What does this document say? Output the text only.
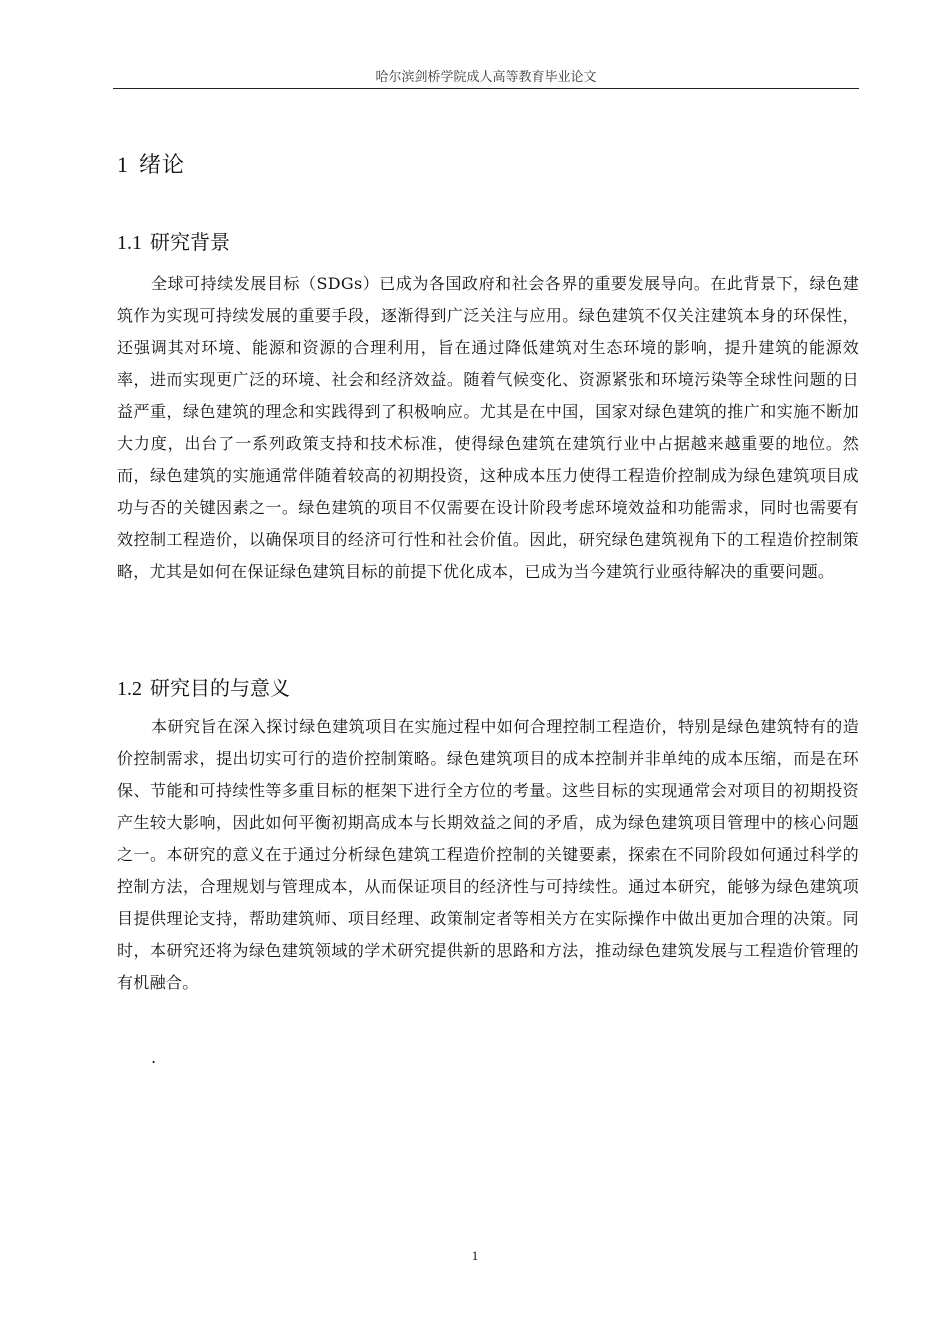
哈尔滨剑桥学院成人高等教育毕业论文
1 绪论
1.1 研究背景

全球可持续发展目标（SDGs）已成为各国政府和社会各界的重要发展导向。在此背景下，绿色建筑作为实现可持续发展的重要手段，逐渐得到广泛关注与应用。绿色建筑不仅关注建筑本身的环保性，还强调其对环境、能源和资源的合理利用，旨在通过降低建筑对生态环境的影响，提升建筑的能源效率，进而实现更广泛的环境、社会和经济效益。随着气候变化、资源紧张和环境污染等全球性问题的日益严重，绿色建筑的理念和实践得到了积极响应。尤其是在中国，国家对绿色建筑的推广和实施不断加大力度，出台了一系列政策支持和技术标准，使得绿色建筑在建筑行业中占据越来越重要的地位。然而，绿色建筑的实施通常伴随着较高的初期投资，这种成本压力使得工程造价控制成为绿色建筑项目成功与否的关键因素之一。绿色建筑的项目不仅需要在设计阶段考虑环境效益和功能需求，同时也需要有效控制工程造价，以确保项目的经济可行性和社会价值。因此，研究绿色建筑视角下的工程造价控制策略，尤其是如何在保证绿色建筑目标的前提下优化成本，已成为当今建筑行业亟待解决的重要问题。

1.2 研究目的与意义

本研究旨在深入探讨绿色建筑项目在实施过程中如何合理控制工程造价，特别是绿色建筑特有的造价控制需求，提出切实可行的造价控制策略。绿色建筑项目的成本控制并非单纯的成本压缩，而是在环保、节能和可持续性等多重目标的框架下进行全方位的考量。这些目标的实现通常会对项目的初期投资产生较大影响，因此如何平衡初期高成本与长期效益之间的矛盾，成为绿色建筑项目管理中的核心问题之一。本研究的意义在于通过分析绿色建筑工程造价控制的关键要素，探索在不同阶段如何通过科学的控制方法，合理规划与管理成本，从而保证项目的经济性与可持续性。通过本研究，能够为绿色建筑项目提供理论支持，帮助建筑师、项目经理、政策制定者等相关方在实际操作中做出更加合理的决策。同时，本研究还将为绿色建筑领域的学术研究提供新的思路和方法，推动绿色建筑发展与工程造价管理的有机融合。

.
1
